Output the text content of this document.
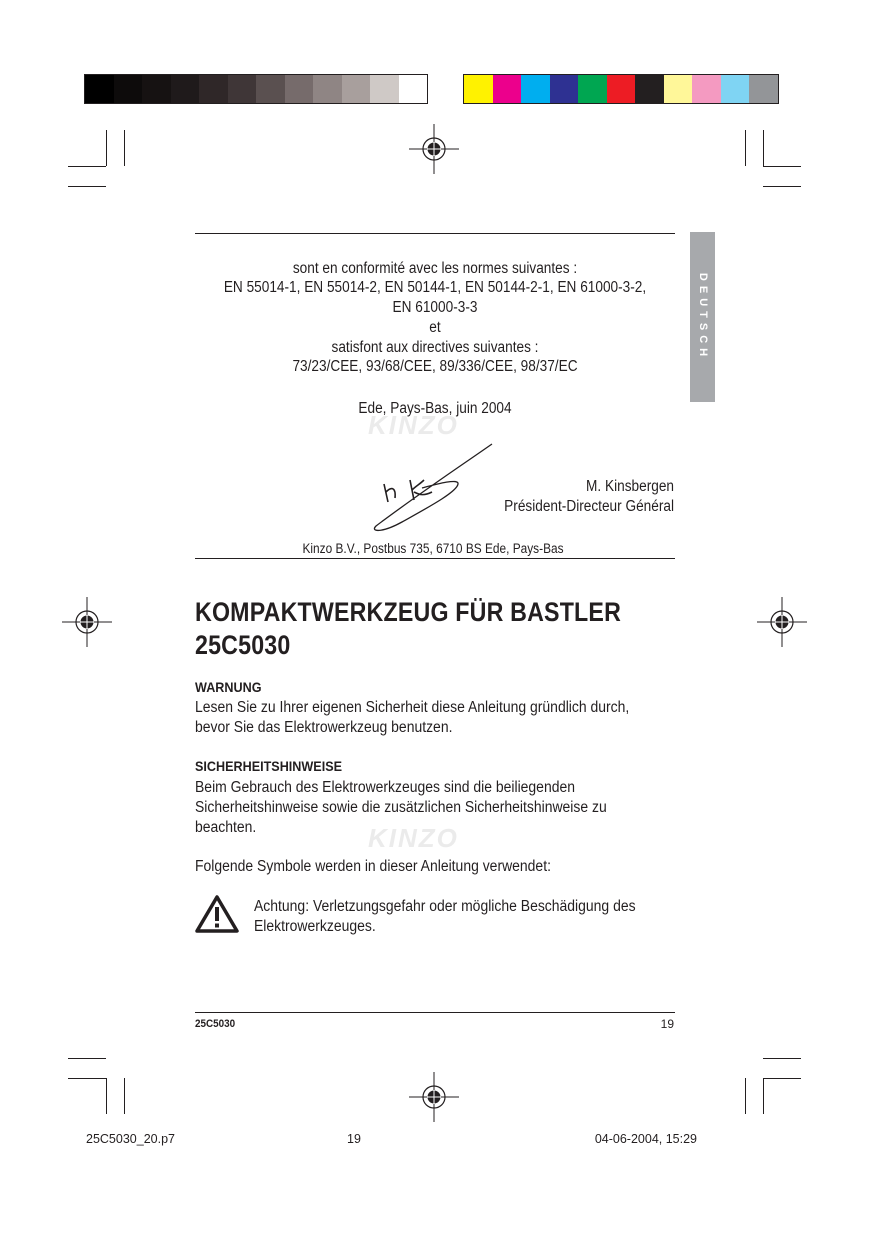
DEUTSCH
sont en conformité avec les normes suivantes :
EN 55014-1, EN 55014-2, EN 50144-1, EN 50144-2-1, EN 61000-3-2,
EN 61000-3-3
et
satisfont aux directives suivantes :
73/23/CEE, 93/68/CEE, 89/336/CEE, 98/37/EC
Ede, Pays-Bas, juin 2004
KINZO
KINZO
M. Kinsbergen
Président-Directeur Général
Kinzo B.V., Postbus 735, 6710 BS Ede, Pays-Bas
KOMPAKTWERKZEUG FÜR BASTLER
25C5030
WARNUNG
Lesen Sie zu Ihrer eigenen Sicherheit diese Anleitung gründlich durch,
bevor Sie das Elektrowerkzeug benutzen.
SICHERHEITSHINWEISE
Beim Gebrauch des Elektrowerkzeuges sind die beiliegenden
Sicherheitshinweise sowie die zusätzlichen Sicherheitshinweise zu
beachten.
Folgende Symbole werden in dieser Anleitung verwendet:
Achtung: Verletzungsgefahr oder mögliche Beschädigung des
Elektrowerkzeuges.
25C5030	19
25C5030_20.p7	19	04-06-2004, 15:29
